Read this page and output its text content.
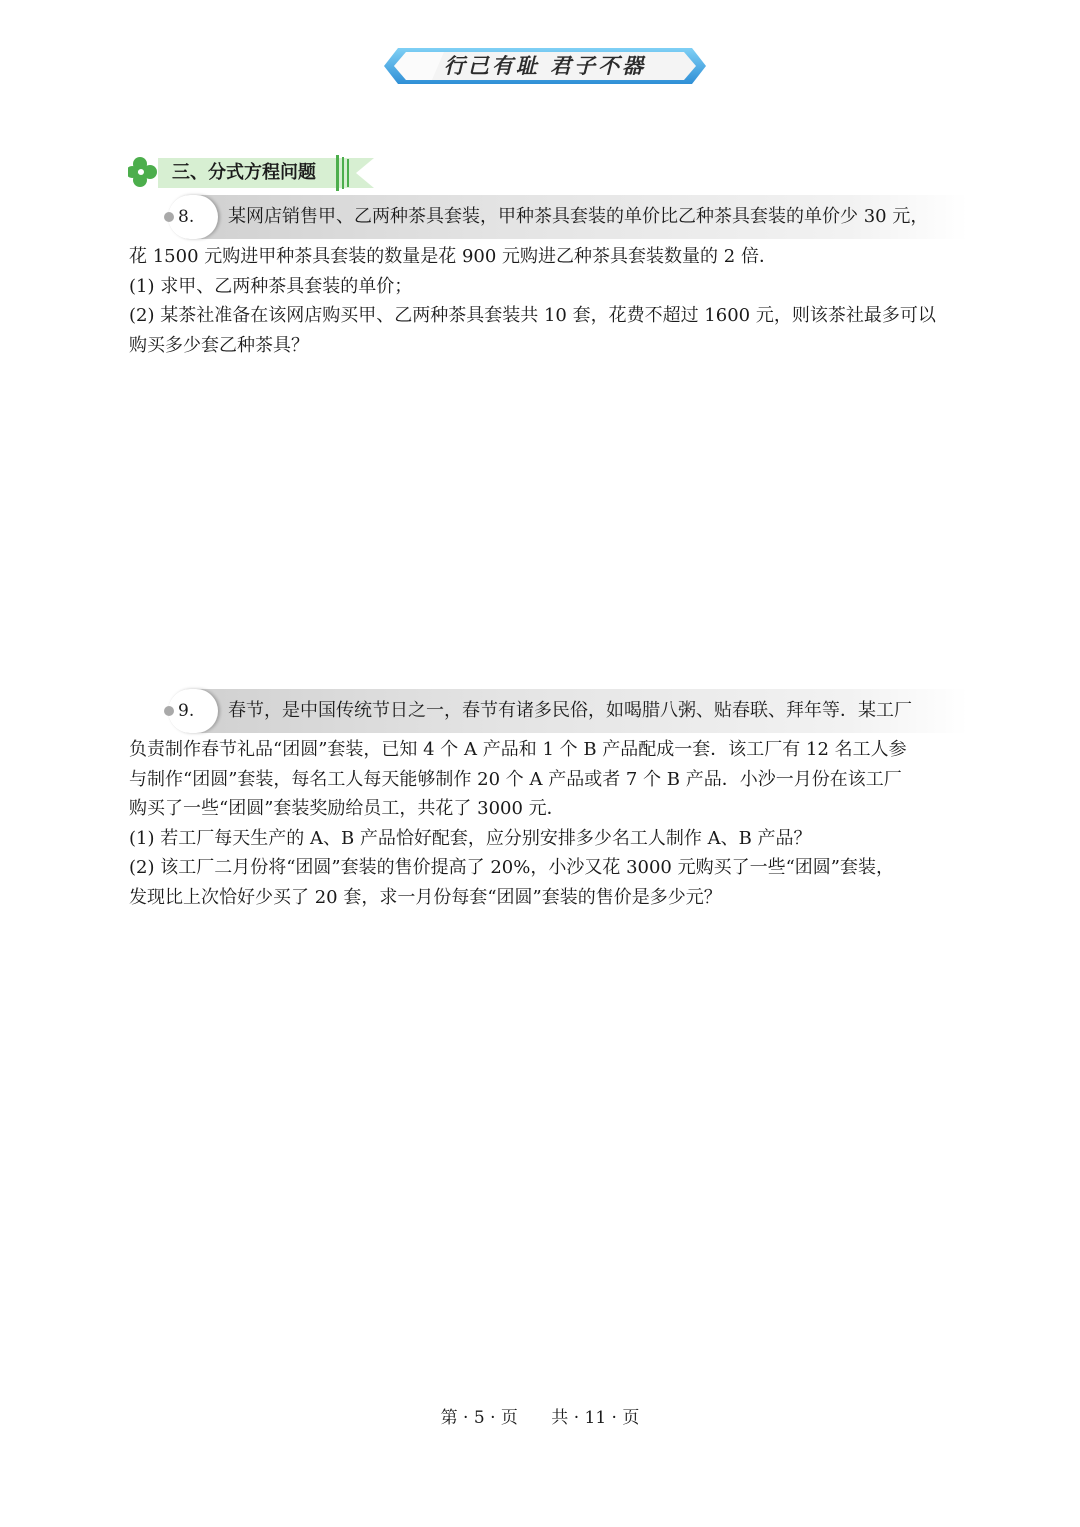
行己有耻 君子不器
三、分式方程问题
8. 某网店销售甲、乙两种茶具套装，甲种茶具套装的单价比乙种茶具套装的单价少 30 元，

花 1500 元购进甲种茶具套装的数量是花 900 元购进乙种茶具套装数量的 2 倍．

(1) 求甲、乙两种茶具套装的单价；

(2) 某茶社准备在该网店购买甲、乙两种茶具套装共 10 套，花费不超过 1600 元，则该茶社最多可以

购买多少套乙种茶具？

9. 春节，是中国传统节日之一，春节有诸多民俗，如喝腊八粥、贴春联、拜年等．某工厂

负责制作春节礼品“团圆”套装，已知 4 个 A 产品和 1 个 B 产品配成一套．该工厂有 12 名工人参

与制作“团圆”套装，每名工人每天能够制作 20 个 A 产品或者 7 个 B 产品．小沙一月份在该工厂

购买了一些“团圆”套装奖励给员工，共花了 3000 元．

(1) 若工厂每天生产的 A、B 产品恰好配套，应分别安排多少名工人制作 A、B 产品？

(2) 该工厂二月份将“团圆”套装的售价提高了 20%，小沙又花 3000 元购买了一些“团圆”套装，

发现比上次恰好少买了 20 套，求一月份每套“团圆”套装的售价是多少元？

第 · 5 · 页 共 · 11 · 页
